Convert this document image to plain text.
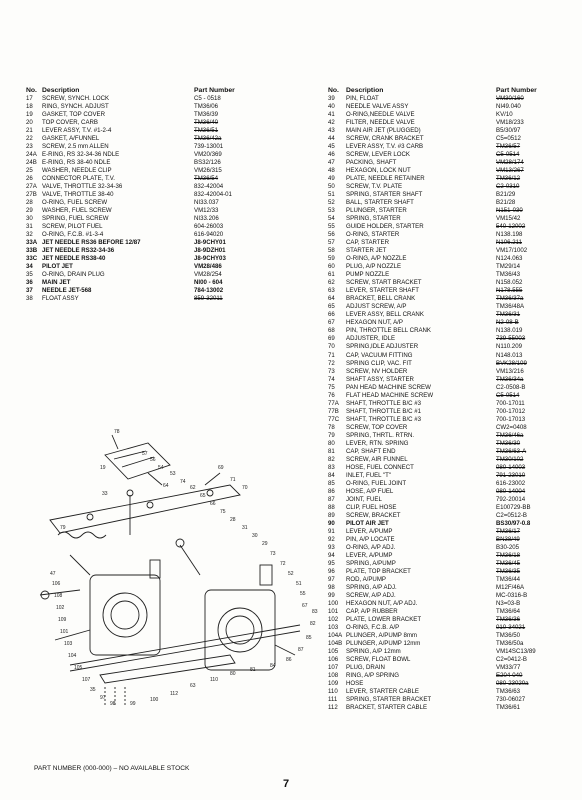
No. Description	Part Number
17	SCREW, SYNCH. LOCK	C5 - 0518
18	RING, SYNCH. ADJUST	TM36/06
19	GASKET, TOP COVER	TM36/39
20	TOP COVER, CARB	TM36/40
21	LEVER ASSY, T.V. #1-2-4	TM36/51
22	GASKET, A/FUNNEL	TM36/42a
23	SCREW, 2.5 mm ALLEN	739-13001
24A E-RING, RS 32-34-36 NDLE	VM20/369
24B E-RING, RS 38-40 NDLE	BS32/126
25	WASHER, NEEDLE CLIP	VM26/315
26	CONNECTOR PLATE, T.V.	TM36/54
27A VALVE, THROTTLE 32-34-36	832-42004
27B VALVE, THROTTLE 38-40	832-42004-01
28	O-RING, FUEL SCREW	NI33.037
29	WASHER, FUEL SCREW	VM12/33
30	SPRING, FUEL SCREW	NI33.206
31	SCREW, PILOT FUEL	604-26003
32	O-RING, F.C.B. #1-3-4	616-94020
33A JET NEEDLE RS36 BEFORE 12/87	J8-9CHY01
33B JET NEEDLE RS32-34-36	J8-9DZH01
33C JET NEEDLE RS38-40	J8-9CHY03
34	PILOT JET	VM28/486
35	O-RING, DRAIN PLUG	VM28/254
36	MAIN JET	NI00 - 604
37	NEEDLE JET-568	784-13002
38	FLOAT ASSY	859-32011
No.	Description	Part Number
39	PIN, FLOAT	VM30/160
40	NEEDLE VALVE ASSY	NI49.040
41	O-RING,NEEDLE VALVE	KV/10
42	FILTER, NEEDLE VALVE	VM18/233
43	MAIN AIR JET (PLUGGED)	B5/30/97
44	SCREW, CRANK BRACKET	C5=0512
45	LEVER ASSY, T.V. #3 CARB	TM36/57
46	SCREW, LEVER LOCK	C5-0514
47	PACKING, SHAFT	VM28/174
48	HEXAGON, LOCK NUT	VM13/267
49	PLATE, NEEDLE RETAINER	TM36/12
50	SCREW, T.V. PLATE	C2-0310
51	SPRING, STARTER SHAFT	B21/29
52	BALL, STARTER SHAFT	B21/28
53	PLUNGER, STARTER	N151-030
54	SPRING, STARTER	VM15/42
55	GUIDE HOLDER, STARTER	540-12002
56	O-RING, STARTER	N138.198
57	CAP, STARTER	N106.211
58	STARTER JET	VM17/1002
59	O-RING, A/P NOZZLE	N124.063
60	PLUG, A/P NOZZLE	TM29/14
61	PUMP NOZZLE	TM36/43
62	SCREW, START BRACKET	N158.052
63	LEVER, STARTER SHAFT	N178.555
64	BRACKET, BELL CRANK	TM36/37a
65	ADJUST SCREW, A/P	TM36/48A
66	LEVER ASSY, BELL CRANK	TM36/31
67	HEXAGON NUT, A/P	N2-08-B
68	PIN, THROTTLE BELL CRANK	N138.019
69	ADJUSTER, IDLE	739-55003
70	SPRING,IDLE ADJUSTER	N110.209
71	CAP, VACUUM FITTING	N148.013
72	SPRING CLIP, VAC. FIT	BVK28/109
73	SCREW, NV HOLDER	VM13/216
74	SHAFT ASSY, STARTER	TM36/34a
75	PAN HEAD MACHINE SCREW	C2-0508-B
76	FLAT HEAD MACHINE SCREW	C5-0514
77A	SHAFT, THROTTLE B/C #3	700-17011
77B	SHAFT, THROTTLE B/C #1	700-17012
77C	SHAFT, THROTTLE B/C #3	700-17013
78	SCREW, TOP COVER	CW2=0408
79	SPRING, THRTL. RTRN.	TM36/46a
80	LEVER, RTN. SPRING	TM36/30
81	CAP, SHAFT END	TM36/63-A
82	SCREW, AIR FUNNEL	TM30/102
83	HOSE, FUEL CONNECT	080-14003
84	INLET, FUEL "T"	791-23010
85	O-RING, FUEL JOINT	616-23002
86	HOSE, A/P FUEL	080-14004
87	JOINT, FUEL	792-20014
88	CLIP, FUEL HOSE	E100729-BB
89	SCREW, BRACKET	C2=0512-B
90	PILOT AIR JET	BS30/97-0.8
91	LEVER, A/PUMP	TM36/17
92	PIN, A/P LOCATE	BN38/49
93	O-RING, A/P ADJ.	B30-205
94	LEVER, A/PUMP	TM36/18
95	SPRING, A/PUMP	TM36/45
96	PLATE, TOP BRACKET	TM36/35
97	ROD, A/PUMP	TM36/44
98	SPRING, A/P ADJ.	M12F/46A
99	SCREW, A/P ADJ.	MC-0316-B
100	HEXAGON NUT, A/P ADJ.	N3=03-B
101	CAP, A/P RUBBER	TM36/64
102	PLATE, LOWER BRACKET	TM36/36
103	O-RING, F.C.B. A/P	010-34021
104A PLUNGER, A/PUMP 8mm	TM36/50
104B PLUNGER, A/PUMP 12mm	TM36/50a
105	SPRING, A/P 12mm	VM14SC13/89
106	SCREW, FLOAT BOWL	C2=0412-B
107	PLUG, DRAIN	VM33/77
108	RING, A/P SPRING	E204-040
109	HOSE	080-23020a
110	LEVER, STARTER CABLE	TM36/63
111	SPRING, STARTER BRACKET	730-06027
112	BRACKET, STARTER CABLE	TM36/61
78
64
19
79
33
69
71
70
57
56
54
53
74
62
65
66
75
28
31
30
29
73
72
52
51
55
67
47
106
108
102
109
101
103
104
105
107
35
97
98	99
100
112
63
110
80
81
84
86
87
85
82
83
PART NUMBER (000-000) – NO AVAILABLE STOCK
7
